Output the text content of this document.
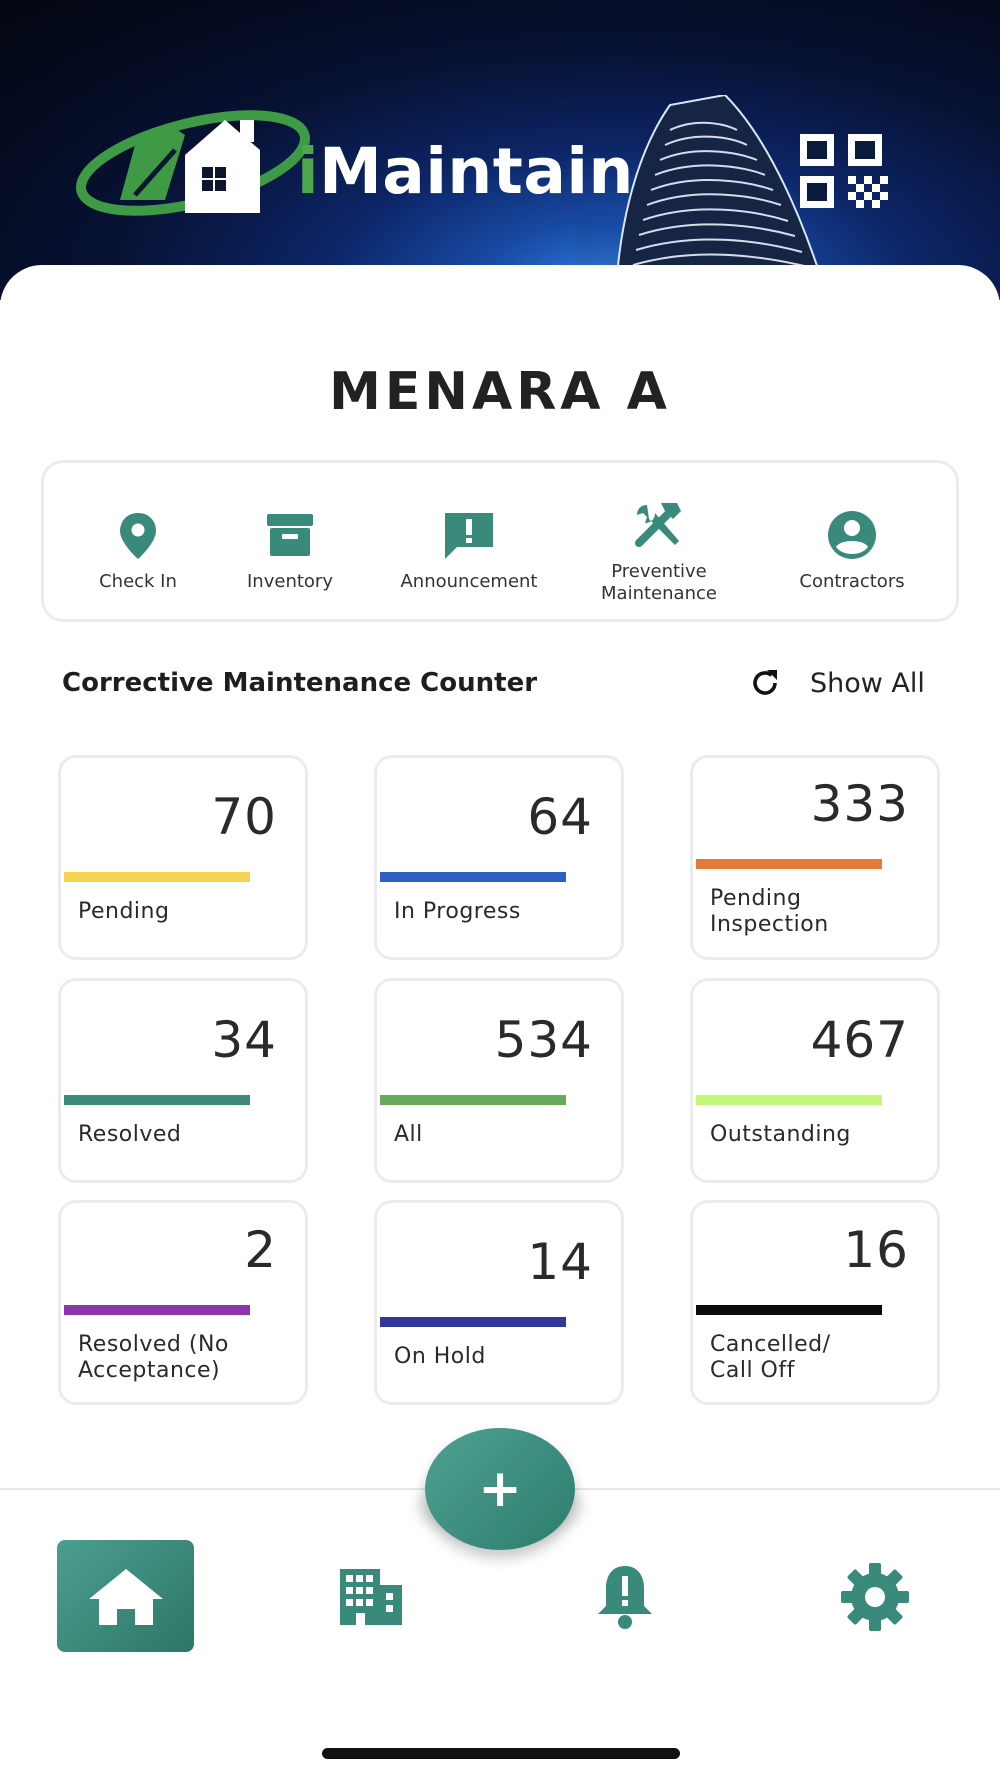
iMaintain
MENARA A
Check In	Inventory	Announcement	Preventive
Maintenance
Contractors
Corrective Maintenance Counter	Show All
70
Pending
64
In Progress
333
Pending
Inspection
34
Resolved
534
All
467
Outstanding
2
Resolved (No
Acceptance)
14
On Hold
16
Cancelled/
Call Off
+
